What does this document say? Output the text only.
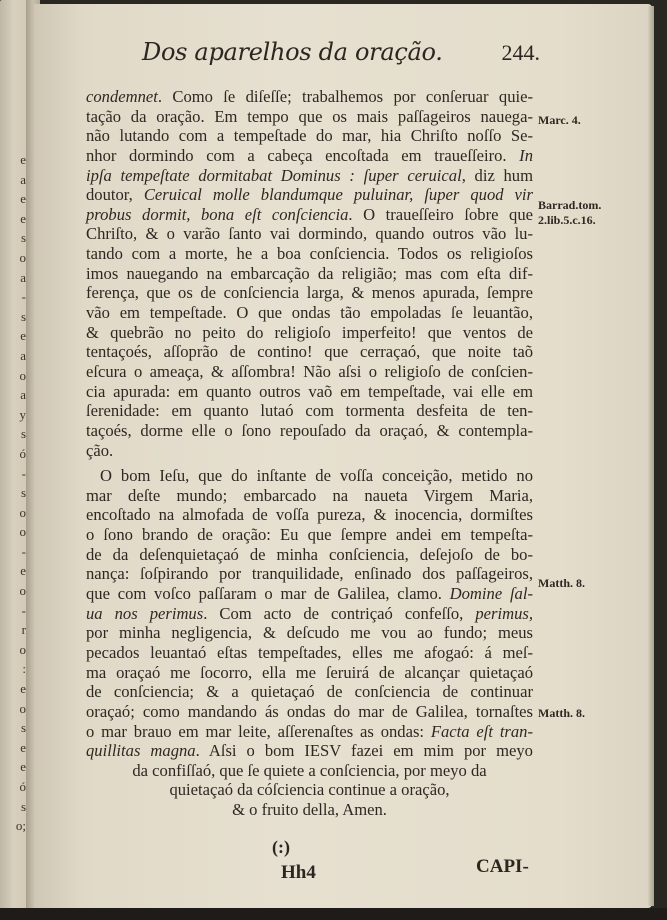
e
a
e
e
s
o
a
-
s
e
a
o
a
y
s
ó
-
s
o
o
-
e
o
-
r
o
:
e
o
s
e
e
ó
s
o;
Dos aparelhos da oração.	244.
condemnet. Como ſe diſeſſe; trabalhemos por conſeruar quie-
tação da oração. Em tempo que os mais paſſageiros nauega-
não lutando com a tempeſtade do mar, hia Chriſto noſſo Se-
nhor dormindo com a cabeça encoſtada em traueſſeiro. In
ipſa tempeſtate dormitabat Dominus : ſuper ceruical, diz hum
doutor, Ceruical molle blandumque puluinar, ſuper quod vir
probus dormit, bona eſt conſciencia. O traueſſeiro ſobre que
Chriſto, & o varão ſanto vai dormindo, quando outros vão lu-
tando com a morte, he a boa conſciencia. Todos os religioſos
imos nauegando na embarcação da religião; mas com eſta dif-
ferença, que os de conſciencia larga, & menos apurada, ſempre
vão em tempeſtade. O que ondas tão empoladas ſe leuantão,
& quebrão no peito do religioſo imperfeito! que ventos de
tentaçoés, aſſoprão de contino! que cerraçaó, que noite taõ
eſcura o ameaça, & aſſombra! Não aſsi o religioſo de conſcien-
cia apurada: em quanto outros vaõ em tempeſtade, vai elle em
ſerenidade: em quanto lutaó com tormenta desfeita de ten-
taçoés, dorme elle o ſono repouſado da oraçaó, & contempla-
ção.
O bom Ieſu, que do inſtante de voſſa conceição, metido no
mar deſte mundo; embarcado na naueta Virgem Maria,
encoſtado na almofada de voſſa pureza, & inocencia, dormiſtes
o ſono brando de oração: Eu que ſempre andei em tempeſta-
de da deſenquietaçaó de minha conſciencia, deſejoſo de bo-
nança: ſoſpirando por tranquilidade, enſinado dos paſſageiros,
que com voſco paſſaram o mar de Galilea, clamo. Domine ſal-
ua nos perimus. Com acto de contriçaó confeſſo, perimus,
por minha negligencia, & deſcudo me vou ao fundo; meus
pecados leuantaó eſtas tempeſtades, elles me afogaó: á meſ-
ma oraçaó me ſocorro, ella me ſeruirá de alcançar quietaçaó
de conſciencia; & a quietaçaó de conſciencia de continuar
oraçaó; como mandando ás ondas do mar de Galilea, tornaſtes
o mar brauo em mar leite, aſſerenaſtes as ondas: Facta eſt tran-
quillitas magna. Aſsi o bom IESV fazei em mim por meyo
da confiſſaó, que ſe quiete a conſciencia, por meyo da
quietaçaó da cóſciencia continue a oração,
& o fruito della, Amen.
Marc. 4.
Barrad.tom.
2.lib.5.c.16.
Matth. 8.
Matth. 8.
(:)
Hh4	CAPI-
